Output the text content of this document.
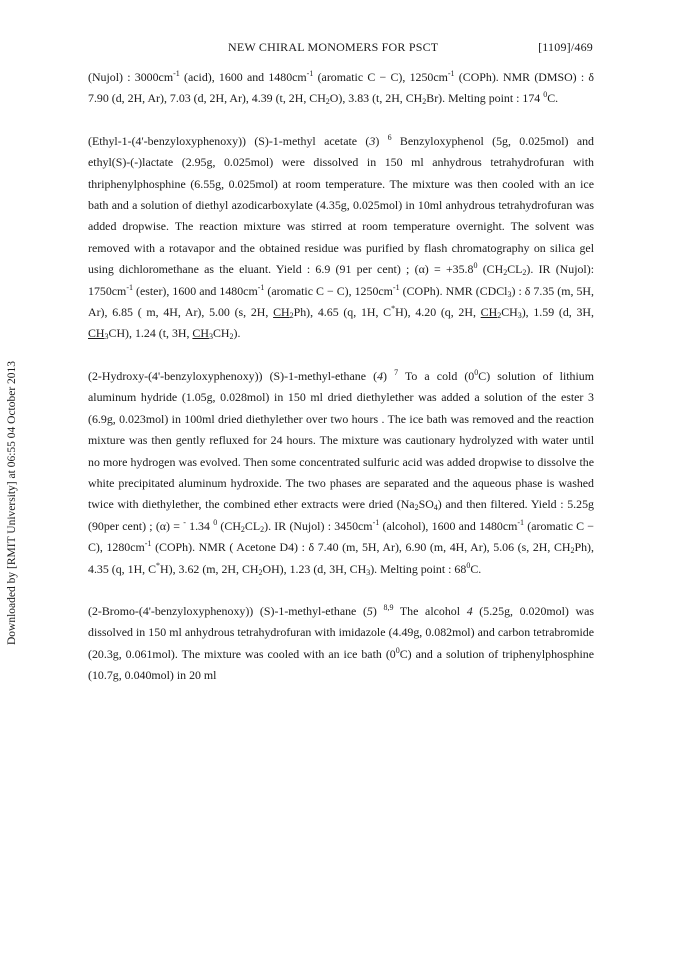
NEW CHIRAL MONOMERS FOR PSCT	[1109]/469
Downloaded by [RMIT University] at 06:55 04 October 2013

(Nujol) : $3000cm^{-1}$ (acid), 1600 and $1480cm^{-1}$ (aromatic C − C), $1250cm^{-1}$ (COPh). NMR (DMSO) : δ 7.90 (d, 2H, Ar), 7.03 (d, 2H, Ar), 4.39 (t, 2H, $CH_2O$), 3.83 (t, 2H, $CH_2Br$). Melting point : 174 $^0$C.

(Ethyl-1-(4'-benzyloxyphenoxy)) (S)-1-methyl acetate (3) $^6$ Benzyloxyphenol (5g, 0.025mol) and ethyl(S)-(-)lactate (2.95g, 0.025mol) were dissolved in 150 ml anhydrous tetrahydrofuran with thriphenylphosphine (6.55g, 0.025mol) at room temperature. The mixture was then cooled with an ice bath and a solution of diethyl azodicarboxylate (4.35g, 0.025mol) in 10ml anhydrous tetrahydrofuran was added dropwise. The reaction mixture was stirred at room temperature overnight. The solvent was removed with a rotavapor and the obtained residue was purified by flash chromatography on silica gel using dichloromethane as the eluant. Yield : 6.9 (91 per cent) ; $(\alpha) = +35.8^0$ $(CH_2CL_2)$. IR (Nujol): $1750cm^{-1}$ (ester), 1600 and $1480cm^{-1}$ (aromatic C − C), $1250cm^{-1}$ (COPh). NMR (CDCl$_3$) : δ 7.35 (m, 5H, Ar), 6.85 ( m, 4H, Ar), 5.00 (s, 2H, $CH_2Ph$), 4.65 (q, 1H, C*H), 4.20 (q, 2H, $CH_2CH_3$), 1.59 (d, 3H, $CH_3CH$), 1.24 (t, 3H, $CH_3CH_2$).

(2-Hydroxy-(4'-benzyloxyphenoxy)) (S)-1-methyl-ethane (4) $^7$ To a cold $(0^0C)$ solution of lithium aluminum hydride (1.05g, 0.028mol) in 150 ml dried diethylether was added a solution of the ester 3 (6.9g, 0.023mol) in 100ml dried diethylether over two hours . The ice bath was removed and the reaction mixture was then gently refluxed for 24 hours. The mixture was cautionary hydrolyzed with water until no more hydrogen was evolved. Then some concentrated sulfuric acid was added dropwise to dissolve the white precipitated aluminum hydroxide. The two phases are separated and the aqueous phase is washed twice with diethylether, the combined ether extracts were dried $(Na_2SO_4)$ and then filtered. Yield : 5.25g (90per cent) ; (α) = - 1.34 $^0$ $(CH_2CL_2)$. IR (Nujol) : $3450cm^{-1}$ (alcohol), 1600 and $1480cm^{-1}$ (aromatic C − C), $1280cm^{-1}$ (COPh). NMR ( Acetone D4) : δ 7.40 (m, 5H, Ar), 6.90 (m, 4H, Ar), 5.06 (s, 2H, $CH_2Ph$), 4.35 (q, 1H, C*H), 3.62 (m, 2H, $CH_2OH$), 1.23 (d, 3H, $CH_3$). Melting point : $68^0C$.

(2-Bromo-(4'-benzyloxyphenoxy)) (S)-1-methyl-ethane (5) $^{8,9}$ The alcohol 4 (5.25g, 0.020mol) was dissolved in 150 ml anhydrous tetrahydrofuran with imidazole (4.49g, 0.082mol) and carbon tetrabromide (20.3g, 0.061mol). The mixture was cooled with an ice bath $(0^0C)$ and a solution of triphenylphosphine (10.7g, 0.040mol) in 20 ml
